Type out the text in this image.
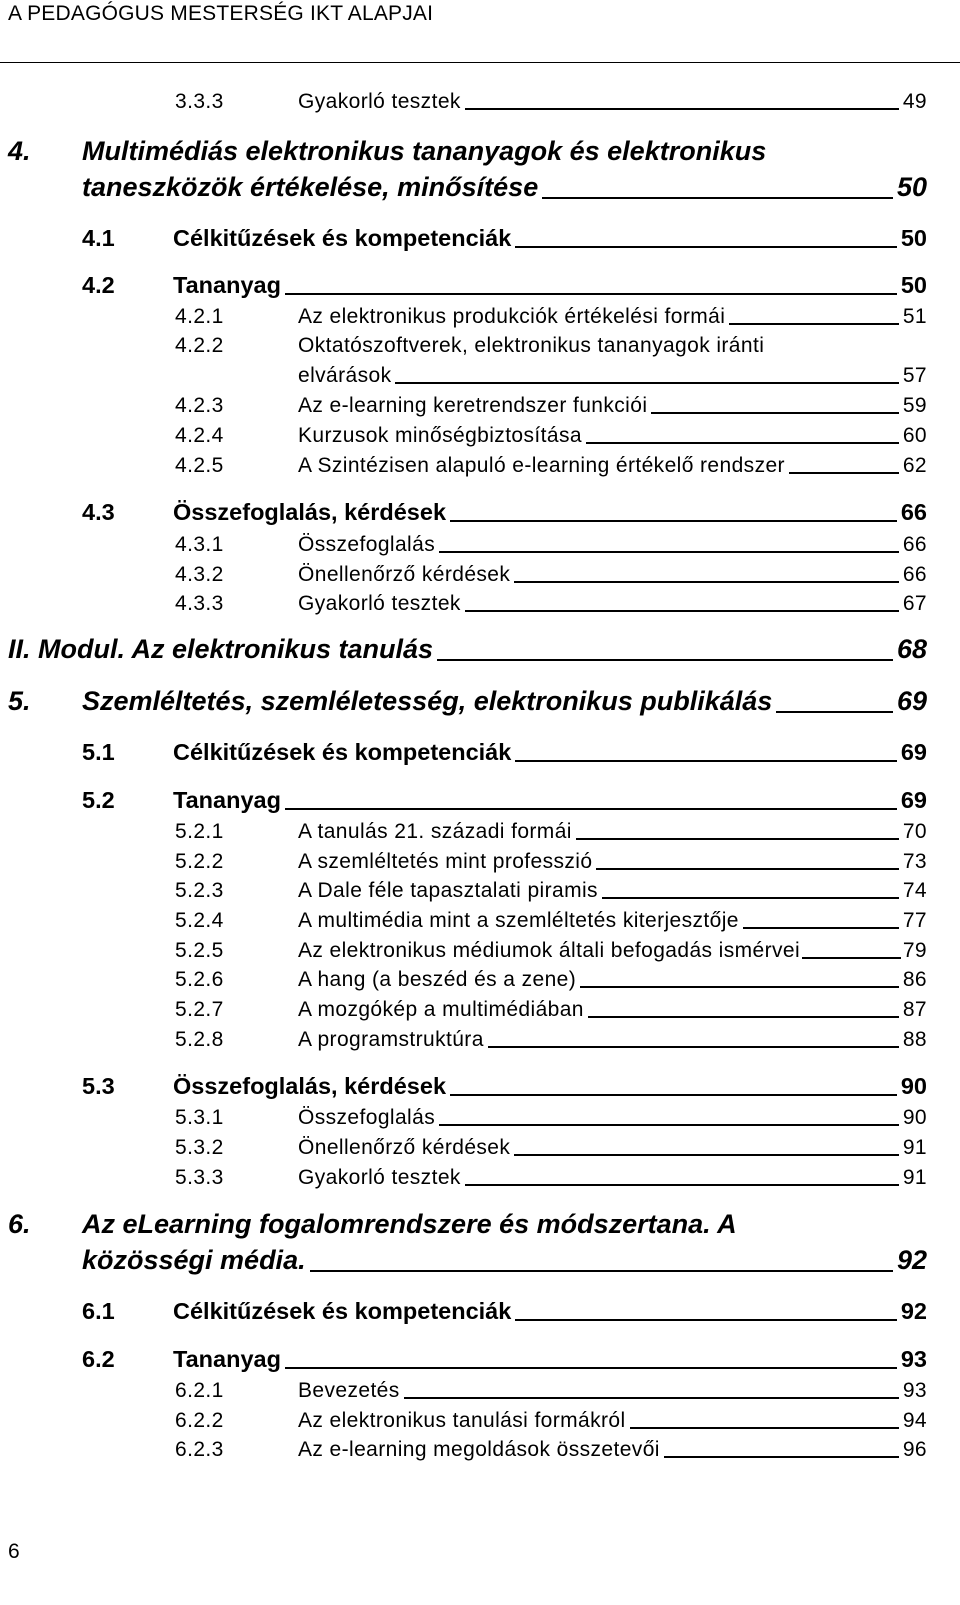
A PEDAGÓGUS MESTERSÉG IKT ALAPJAI
3.3.3	Gyakorló tesztek	49
4. Multimédiás elektronikus tananyagok és elektronikus
taneszközök értékelése, minősítése	50
4.1	Célkitűzések és kompetenciák	50
4.2	Tananyag	50
4.2.1	Az elektronikus produkciók értékelési formái	51
4.2.2	Oktatószoftverek, elektronikus tananyagok iránti
elvárások	57
4.2.3	Az e-learning keretrendszer funkciói	59
4.2.4	Kurzusok minőségbiztosítása	60
4.2.5	A Szintézisen alapuló e-learning értékelő rendszer	62
4.3	Összefoglalás, kérdések	66
4.3.1	Összefoglalás	66
4.3.2	Önellenőrző kérdések	66
4.3.3	Gyakorló tesztek	67
II. Modul. Az elektronikus tanulás	68
5.	Szemléltetés, szemléletesség, elektronikus publikálás	69
5.1	Célkitűzések és kompetenciák	69
5.2	Tananyag	69
5.2.1	A tanulás 21. századi formái	70
5.2.2	A szemléltetés mint professzió	73
5.2.3	A Dale féle tapasztalati piramis	74
5.2.4	A multimédia mint a szemléltetés kiterjesztője	77
5.2.5	Az elektronikus médiumok általi befogadás ismérvei	79
5.2.6	A hang (a beszéd és a zene)	86
5.2.7	A mozgókép a multimédiában	87
5.2.8	A programstruktúra	88
5.3	Összefoglalás, kérdések	90
5.3.1	Összefoglalás	90
5.3.2	Önellenőrző kérdések	91
5.3.3	Gyakorló tesztek	91
6. Az eLearning fogalomrendszere és módszertana. A
közösségi média.	92
6.1	Célkitűzések és kompetenciák	92
6.2	Tananyag	93
6.2.1	Bevezetés	93
6.2.2	Az elektronikus tanulási formákról	94
6.2.3	Az e-learning megoldások összetevői	96
6
